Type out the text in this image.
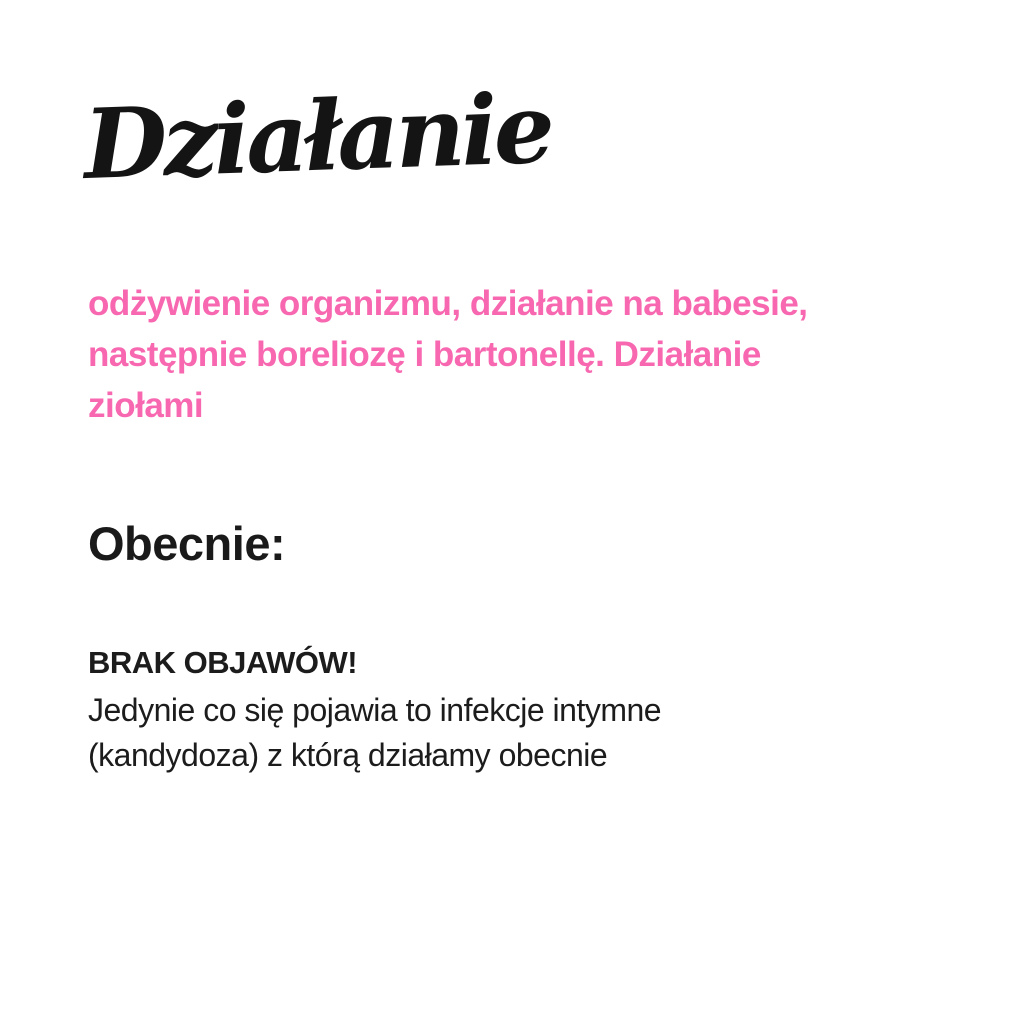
Działanie
odżywienie organizmu, działanie na babesie,
następnie boreliozę i bartonellę. Działanie
ziołami
Obecnie:
BRAK OBJAWÓW!
Jedynie co się pojawia to infekcje intymne
(kandydoza) z którą działamy obecnie
